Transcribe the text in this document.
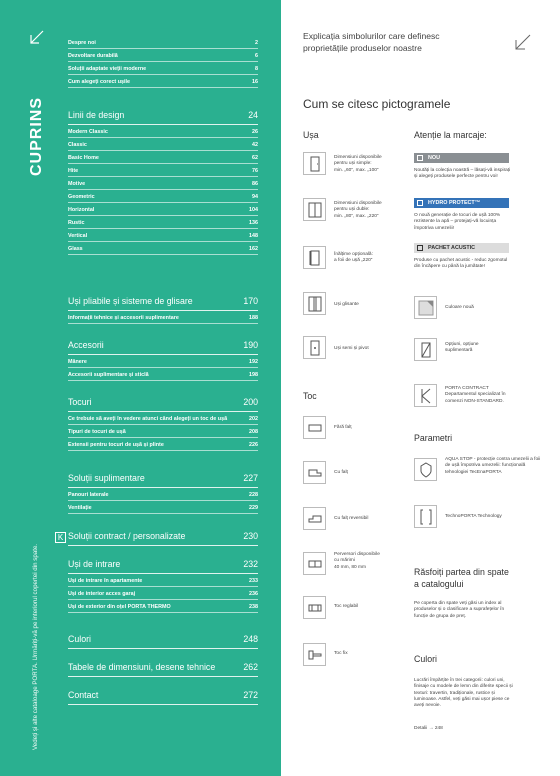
CUPRINS
Vedeți și alte cataloage PORTA. Urmăriți-vă pe interiorul copertei din spate.
K
Despre noi	2
Dezvoltare durabilă	6
Soluții adaptate vieții moderne	8
Cum alegeți corect ușile	16
Linii de design	24
Modern Classic	26
Classic	42
Basic Home	62
Hite	76
Motive	86
Geometric	94
Horizontal	104
Rustic	136
Vertical	148
Glass	162
Uși pliabile și sisteme de glisare	170
Informații tehnice și accesorii suplimentare	188
Accesorii	190
Mânere	192
Accesorii suplimentare și sticlă	198
Tocuri	200
Ce trebuie să aveți în vedere atunci când alegeți un toc de ușă	202
Tipuri de tocuri de ușă	208
Extensii pentru tocuri de ușă și plinte	226
Soluții suplimentare	227
Panouri laterale	228
Ventilație	229
Soluții contract / personalizate	230
Uși de intrare	232
Uși de intrare în apartamente	233
Uși de interior acces garaj	236
Uși de exterior din oțel PORTA THERMO	238
Culori	248
Tabele de dimensiuni, desene tehnice	262
Contact	272
Explicația simbolurilor care definesc
proprietățile produselor noastre
Cum se citesc pictogramele
Ușa
Dimensiuni disponibile
pentru uși simple:
min. „60”, max. „100”
Dimensiuni disponibile
pentru uși duble:
min. „80”, max. „220”
Înălțime opțională:
a foii de ușă „220”
Uși glisante
Uși semi și pivot
Toc
Fără falț
Cu falț
Cu falț reversibil
Perversori disponibile
cu mărimi
40 mm, 80 mm
Toc reglabil
Toc fix
Atenție la marcaje:
NOU
Noutăți la colecția noastră – lăsați-vă inspirați și alegeți produsele perfecte pentru voi!
HYDRO PROTECT™
O nouă generație de tocuri de ușă 100% rezistente la apă – protejați-vă locuința împotriva umezelii!
PACHET ACUSTIC
Produse cu pachet acustic - reduc zgomotul din încăpere cu până la jumătate!
Culoare nouă
Opțiuni, opțiune
suplimentară
PORTA CONTRACT
Departamentul specializat în
comenzi NON-STANDARD.
Parametri
AQUA STOP - protecție contra umezelii a foii de ușă împotriva umezelii: funcțională tehnologiei TecEnaPORTA
TechnoPORTA Technology
Răsfoiți partea din spate
a catalogului
Pe coperta din spate veți găsi un index al produselor și o clasificare a suprafețelor în funcție de grupa de preț.
Culori
Lucrări împărțite în trei categorii: culori uni, finisaje cu modele de lemn din diferite specii și texturi: travertin, tradiționale, rustice și luminoase. Astfel, veți găsi mai ușor piese ce aveți nevoie.
Detalii → 248
